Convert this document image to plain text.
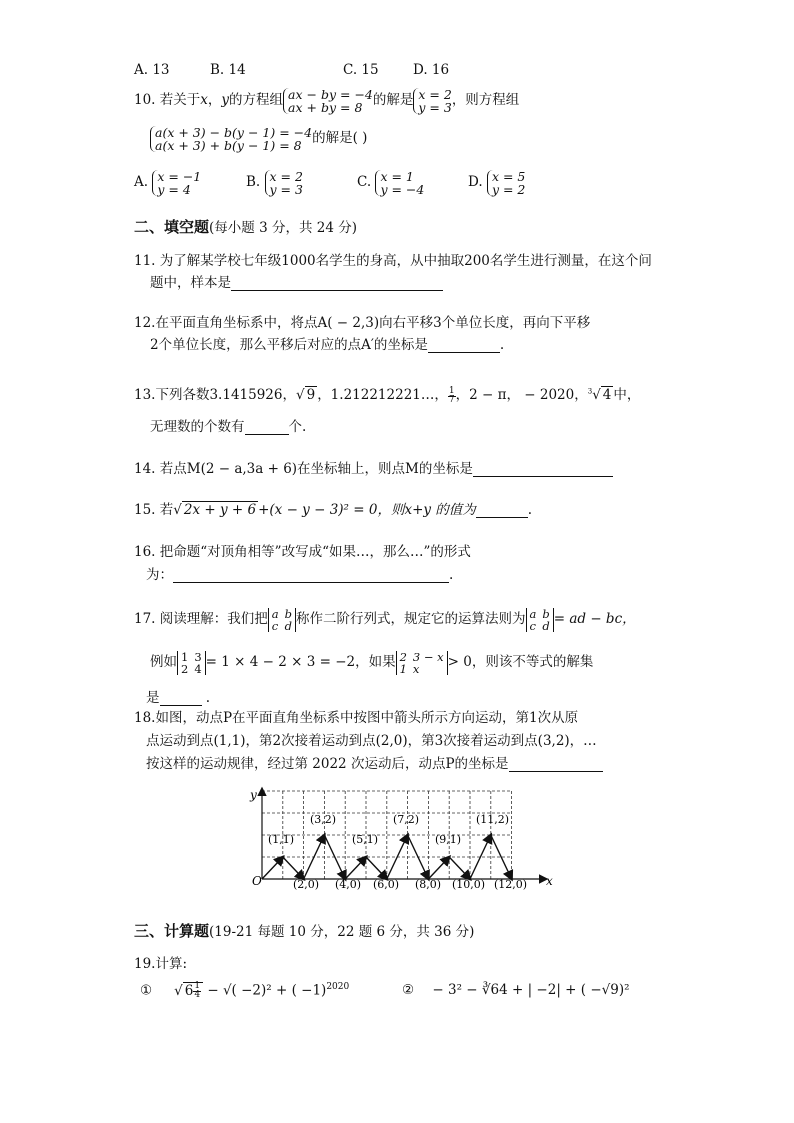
A. 13	B. 14	C. 15	D. 16
10. 若关于x，y的方程组 ax − by = −4
ax + by = 8 的解是 x = 2
y = 3，则方程组
a(x + 3) − b(y − 1) = −4
a(x + 3) + b(y − 1) = 8 的解是( )
A. x = −1
y = 4	B. x = 2
y = 3	C. x = 1
y = −4	D. x = 5
y = 2
二、填空题(每小题 3 分，共 24 分)
11. 为了解某学校七年级1000名学生的身高，从中抽取200名学生进行测量，在这个问
题中，样本是
12.在平面直角坐标系中，将点A( − 2,3)向右平移3个单位长度，再向下平移
2个单位长度，那么平移后对应的点A′的坐标是	.
13.下列各数3.1415926，√ 9 ，1.212212221…，$\frac{1}{7}$，2 − π， − 2020，$^3$√ 4 中，
无理数的个数有	个.
14. 若点M(2 − a,3a + 6)在坐标轴上，则点M的坐标是
15. 若√ 2x + y + 6 +(x − y − 3)² = 0，则x+y 的值为	.
16. 把命题“对顶角相等”改写成“如果…，那么…”的形式
为：	.
17. 阅读理解：我们把 a	b
c	d 称作二阶行列式，规定它的运算法则为 a	b
c	d = ad − bc，
例如 1	3
2	4 = 1 × 4 − 2 × 3 = −2，如果 2	3 − x
1	x > 0，则该不等式的解集
是	.
18.如图，动点P在平面直角坐标系中按图中箭头所示方向运动，第1次从原
点运动到点(1,1)，第2次接着运动到点(2,0)，第3次接着运动到点(3,2)，…
按这样的运动规律，经过第 2022 次运动后，动点P的坐标是
x
y
O
(1,1)
(3,2)
(5,1)
(7,2)
(9,1)
(11,2)
(2,0) (4,0) (6,0) (8,0) (10,0) (12,0)
三、计算题(19-21 每题 10 分，22 题 6 分，共 36 分)
19.计算:
① √ $6\frac{1}{4}$ − √( −2)² + ( −1)$^{2020}$	② − 3² − ∛64 + | −2| + ( −√9)²
